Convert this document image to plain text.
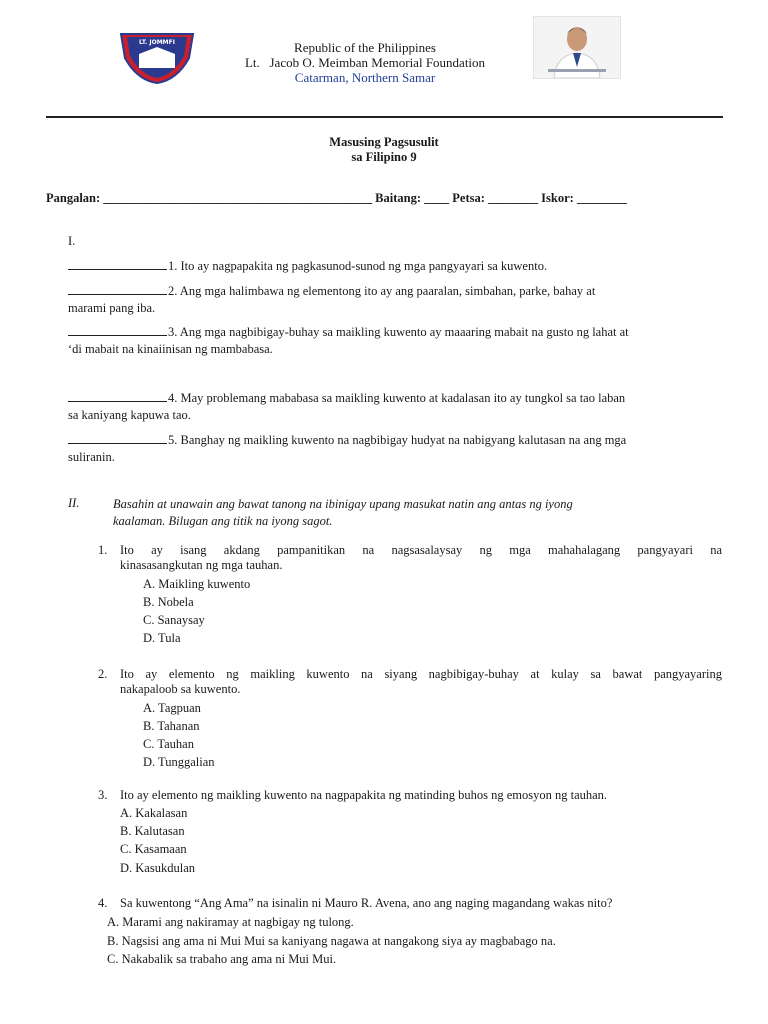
LT. JOMMFI	Republic of the Philippines
Lt.   Jacob O. Meimban Memorial Foundation
Catarman, Northern Samar
Masusing Pagsusulit
sa Filipino 9
Pangalan: ___________________________________________ Baitang: ____ Petsa: ________ Iskor: ________
I.
1. Ito ay nagpapakita ng pagkasunod-sunod ng mga pangyayari sa kuwento.
2. Ang mga halimbawa ng elementong ito ay ang paaralan, simbahan, parke, bahay at
marami pang iba.
3. Ang mga nagbibigay-buhay sa maikling kuwento ay maaaring mabait na gusto ng lahat at
‘di mabait na kinaiinisan ng mambabasa.
4. May problemang mababasa sa maikling kuwento at kadalasan ito ay tungkol sa tao laban
sa kaniyang kapuwa tao.
5. Banghay ng maikling kuwento na nagbibigay hudyat na nabigyang kalutasan na ang mga
suliranin.
II.	Basahin at unawain ang bawat tanong na ibinigay upang masukat natin ang antas ng iyong
kaalaman. Bilugan ang titik na iyong sagot.
1. Ito ay isang akdang pampanitikan na nagsasalaysay ng mga mahahalagang pangyayari na
kinasasangkutan ng mga tauhan.
A. Maikling kuwento
B. Nobela
C. Sanaysay
D. Tula
2. Ito ay elemento ng maikling kuwento na siyang nagbibigay-buhay at kulay sa bawat pangyayaring
nakapaloob sa kuwento.
A. Tagpuan
B. Tahanan
C. Tauhan
D. Tunggalian
3. Ito ay elemento ng maikling kuwento na nagpapakita ng matinding buhos ng emosyon ng tauhan.
A. Kakalasan
B. Kalutasan
C. Kasamaan
D. Kasukdulan
4. Sa kuwentong “Ang Ama” na isinalin ni Mauro R. Avena, ano ang naging magandang wakas nito?
A. Marami ang nakiramay at nagbigay ng tulong.
B. Nagsisi ang ama ni Mui Mui sa kaniyang nagawa at nangakong siya ay magbabago na.
C. Nakabalik sa trabaho ang ama ni Mui Mui.
